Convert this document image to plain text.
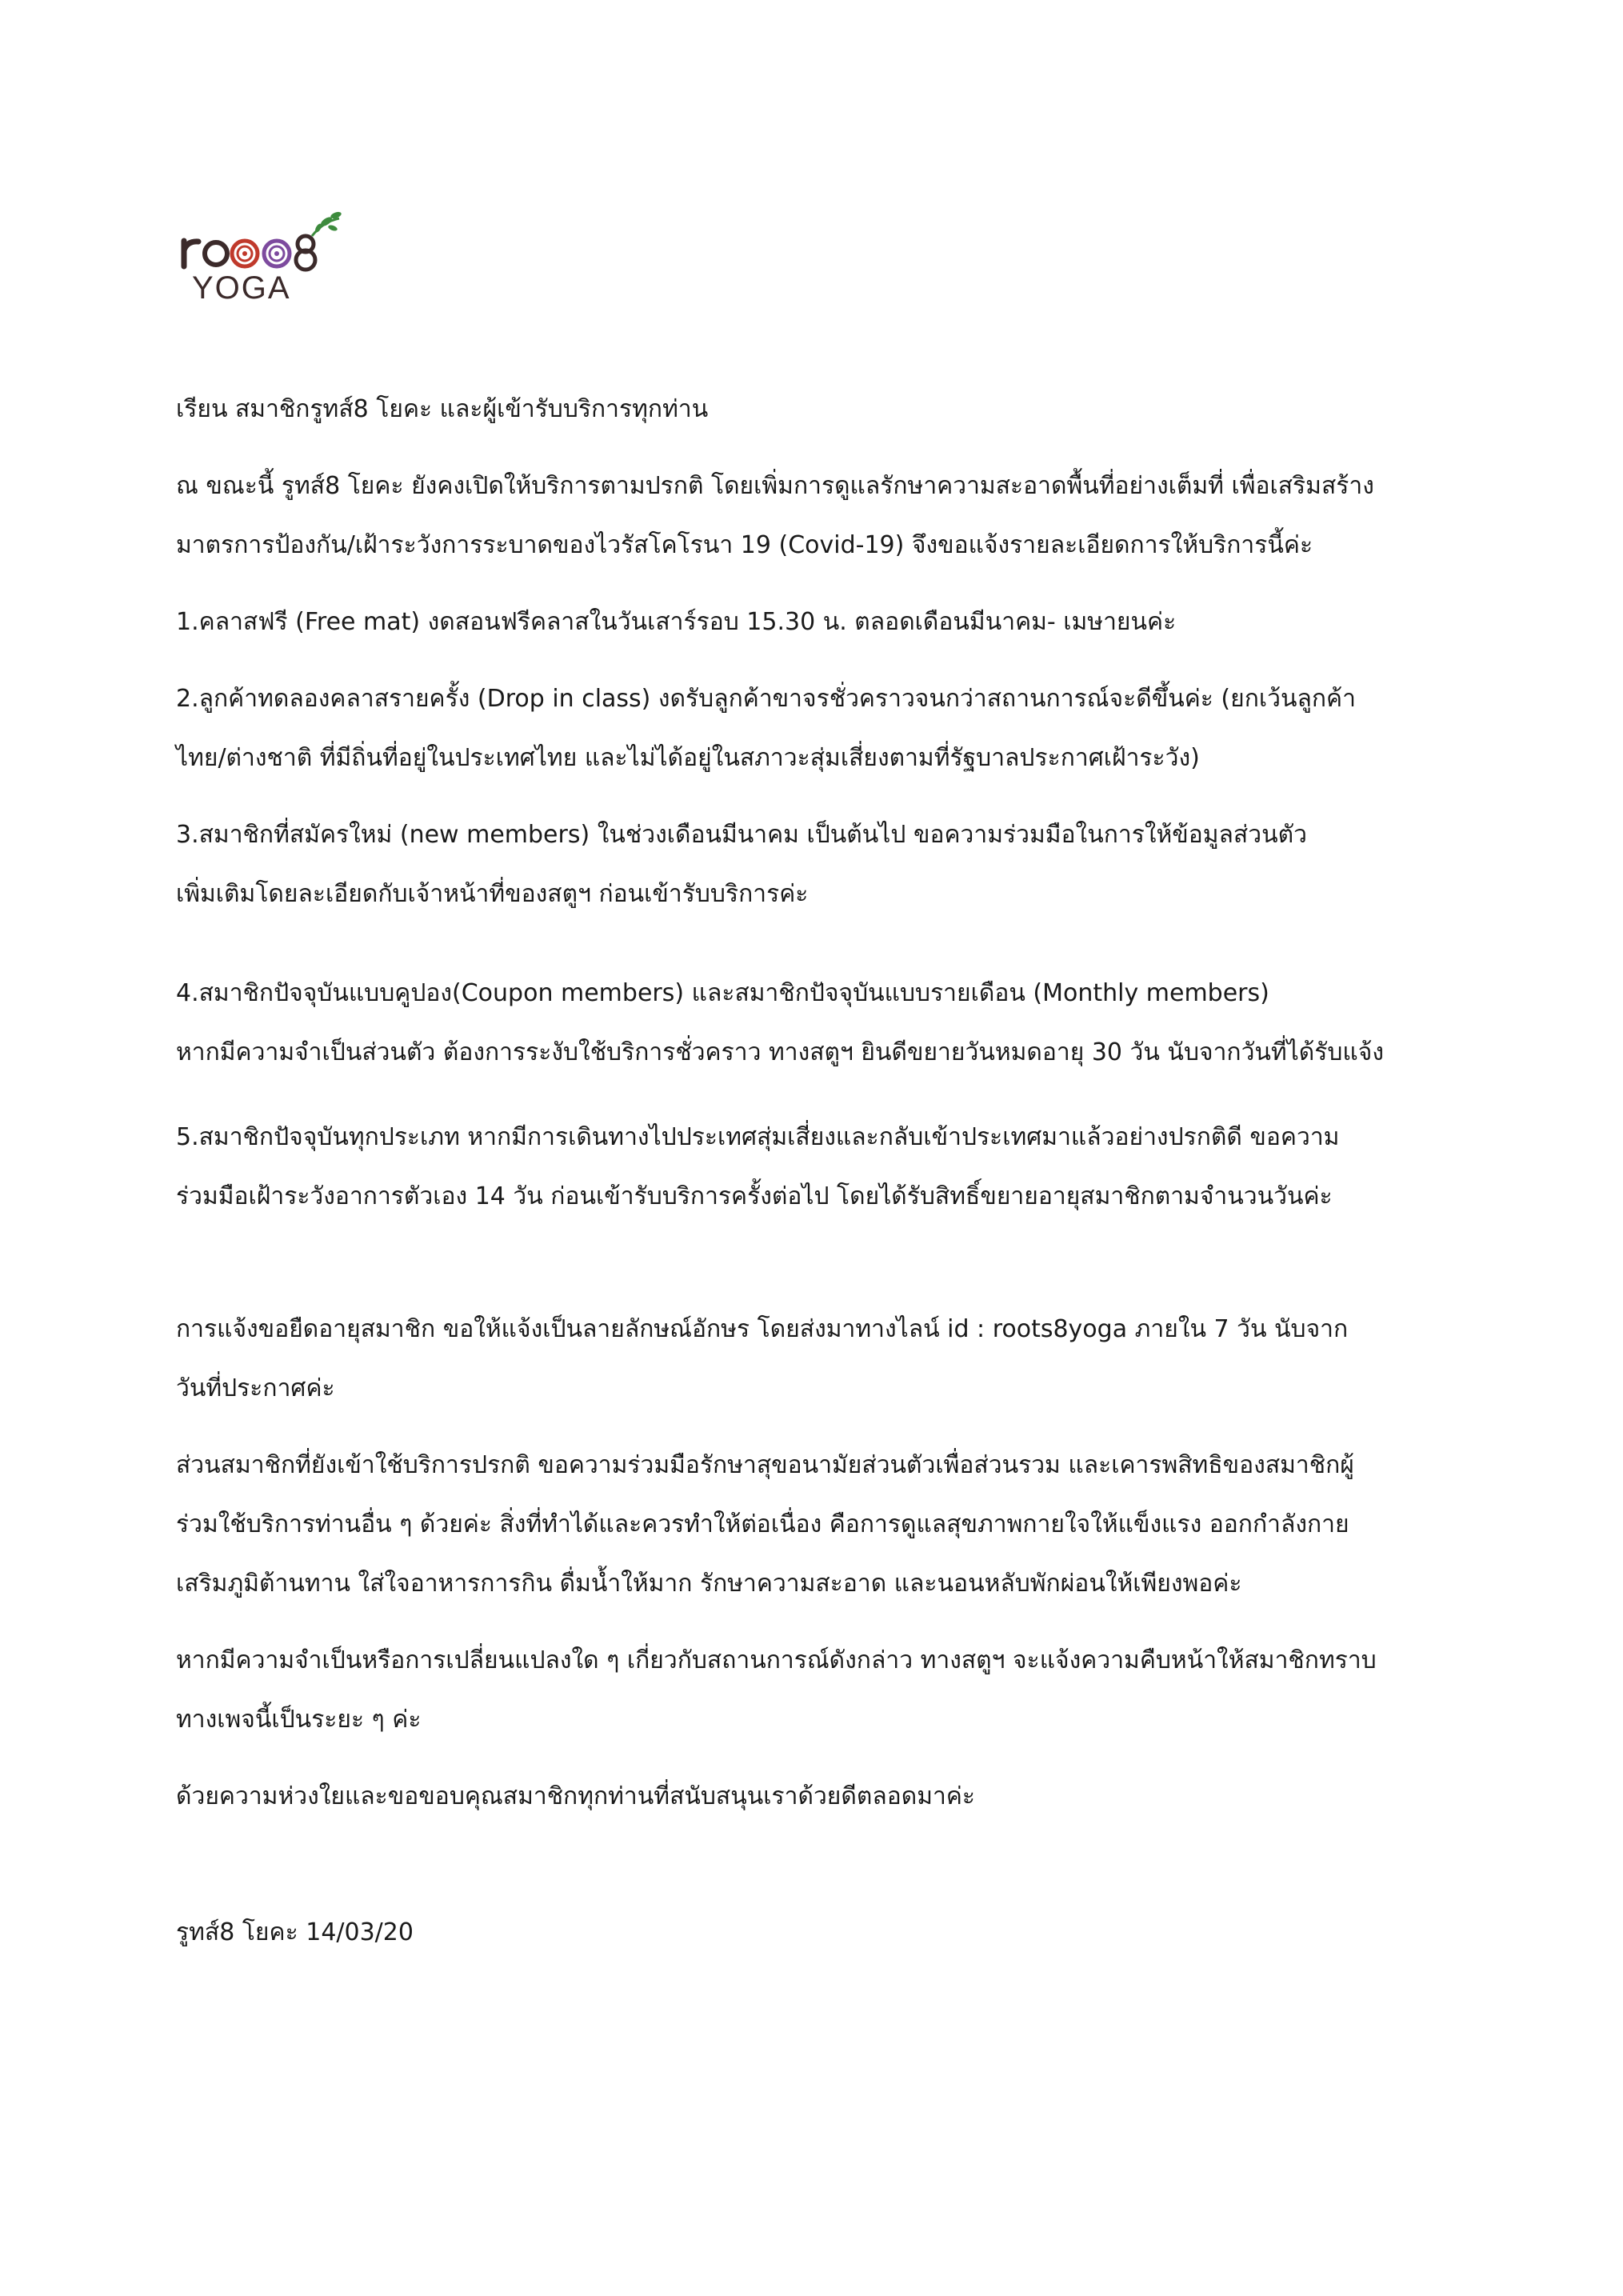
YOGA

เรียน สมาชิกรูทส์8 โยคะ และผู้เข้ารับบริการทุกท่าน

ณ ขณะนี้ รูทส์8 โยคะ ยังคงเปิดให้บริการตามปรกติ โดยเพิ่มการดูแลรักษาความสะอาดพื้นที่อย่างเต็มที่ เพื่อเสริมสร้าง

มาตรการป้องกัน/เฝ้าระวังการระบาดของไวรัสโคโรนา 19 (Covid-19) จึงขอแจ้งรายละเอียดการให้บริการนี้ค่ะ

1.คลาสฟรี (Free mat) งดสอนฟรีคลาสในวันเสาร์รอบ 15.30 น. ตลอดเดือนมีนาคม- เมษายนค่ะ

2.ลูกค้าทดลองคลาสรายครั้ง (Drop in class) งดรับลูกค้าขาจรชั่วคราวจนกว่าสถานการณ์จะดีขึ้นค่ะ (ยกเว้นลูกค้า

ไทย/ต่างชาติ ที่มีถิ่นที่อยู่ในประเทศไทย และไม่ได้อยู่ในสภาวะสุ่มเสี่ยงตามที่รัฐบาลประกาศเฝ้าระวัง)

3.สมาชิกที่สมัครใหม่ (new members) ในช่วงเดือนมีนาคม เป็นต้นไป ขอความร่วมมือในการให้ข้อมูลส่วนตัว

เพิ่มเติมโดยละเอียดกับเจ้าหน้าที่ของสตูฯ ก่อนเข้ารับบริการค่ะ

4.สมาชิกปัจจุบันแบบคูปอง(Coupon members) และสมาชิกปัจจุบันแบบรายเดือน (Monthly members)

หากมีความจำเป็นส่วนตัว ต้องการระงับใช้บริการชั่วคราว ทางสตูฯ ยินดีขยายวันหมดอายุ 30 วัน นับจากวันที่ได้รับแจ้ง

5.สมาชิกปัจจุบันทุกประเภท หากมีการเดินทางไปประเทศสุ่มเสี่ยงและกลับเข้าประเทศมาแล้วอย่างปรกติดี ขอความ

ร่วมมือเฝ้าระวังอาการตัวเอง 14 วัน ก่อนเข้ารับบริการครั้งต่อไป โดยได้รับสิทธิ์ขยายอายุสมาชิกตามจำนวนวันค่ะ

การแจ้งขอยืดอายุสมาชิก ขอให้แจ้งเป็นลายลักษณ์อักษร โดยส่งมาทางไลน์ id : roots8yoga ภายใน 7 วัน นับจาก

วันที่ประกาศค่ะ

ส่วนสมาชิกที่ยังเข้าใช้บริการปรกติ ขอความร่วมมือรักษาสุขอนามัยส่วนตัวเพื่อส่วนรวม และเคารพสิทธิของสมาชิกผู้

ร่วมใช้บริการท่านอื่น ๆ ด้วยค่ะ สิ่งที่ทำได้และควรทำให้ต่อเนื่อง คือการดูแลสุขภาพกายใจให้แข็งแรง ออกกำลังกาย

เสริมภูมิต้านทาน ใส่ใจอาหารการกิน ดื่มน้ำให้มาก รักษาความสะอาด และนอนหลับพักผ่อนให้เพียงพอค่ะ

หากมีความจำเป็นหรือการเปลี่ยนแปลงใด ๆ เกี่ยวกับสถานการณ์ดังกล่าว ทางสตูฯ จะแจ้งความคืบหน้าให้สมาชิกทราบ

ทางเพจนี้เป็นระยะ ๆ ค่ะ

ด้วยความห่วงใยและขอขอบคุณสมาชิกทุกท่านที่สนับสนุนเราด้วยดีตลอดมาค่ะ

รูทส์8 โยคะ 14/03/20
